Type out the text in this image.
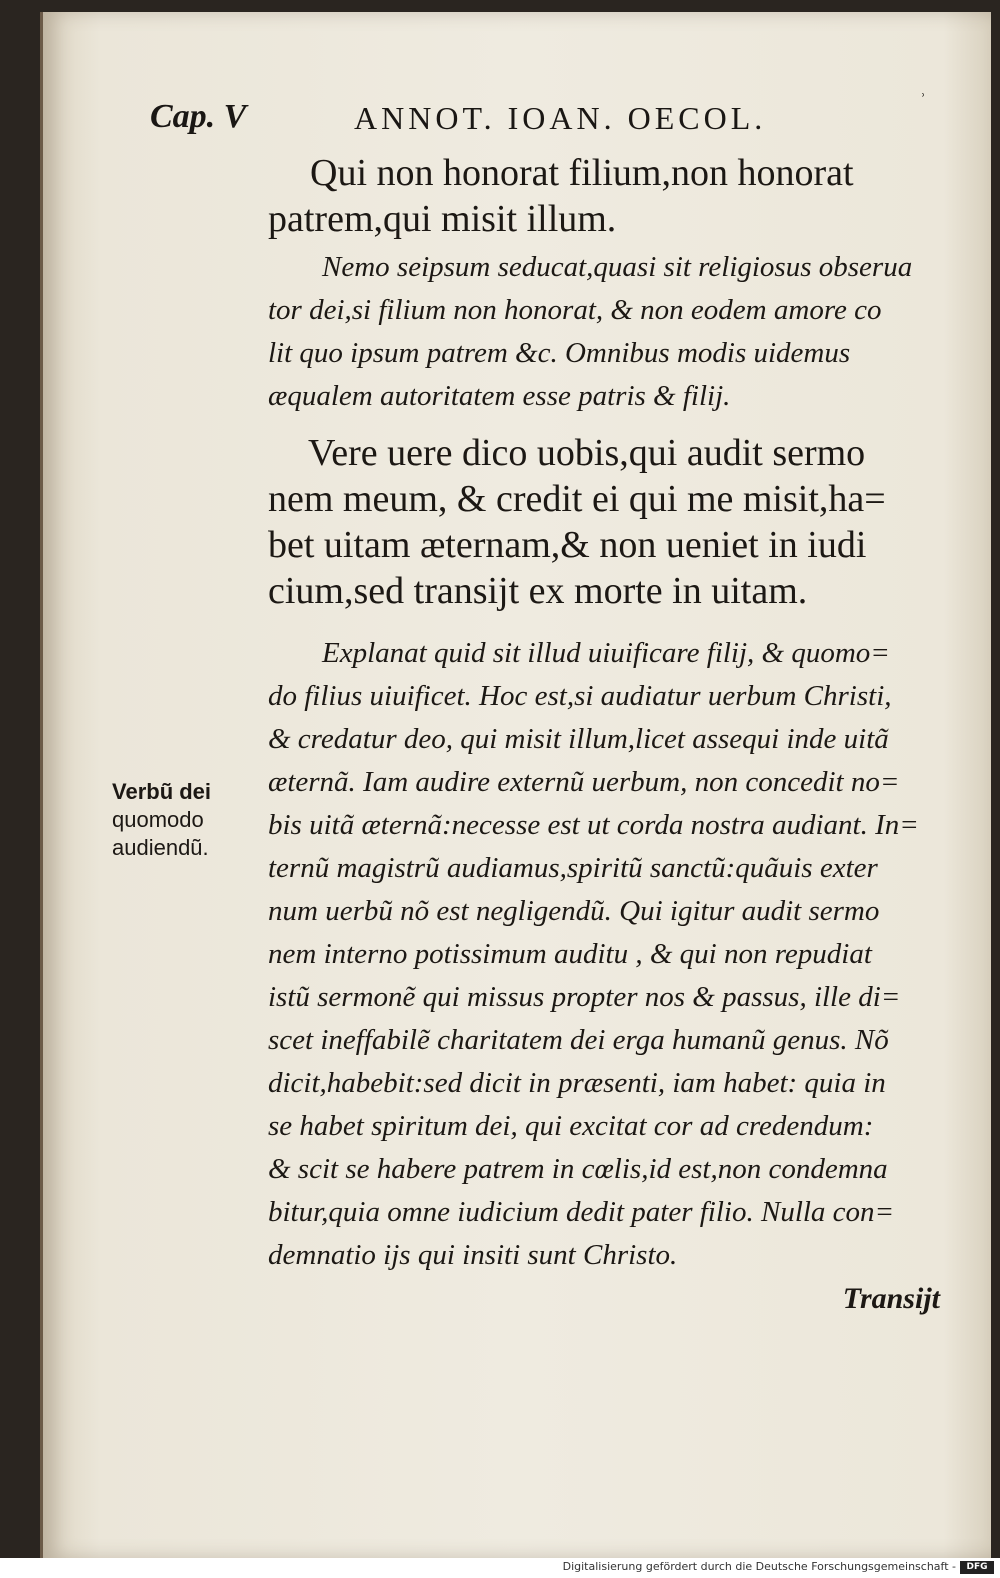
Cap. V	ANNOT. IOAN. OECOL.	ʾ
Qui non honorat filium,non honorat
patrem,qui misit illum.
Nemo seipsum seducat,quasi sit religiosus obserua
tor dei,si filium non honorat, & non eodem amore co
lit quo ipsum patrem &c. Omnibus modis uidemus
æqualem autoritatem esse patris & filij.
Vere uere dico uobis,qui audit sermo
nem meum, & credit ei qui me misit,ha=
bet uitam æternam,& non ueniet in iudi
cium,sed transijt ex morte in uitam.
Explanat quid sit illud uiuificare filij, & quomo=
do filius uiuificet. Hoc est,si audiatur uerbum Christi,
& credatur deo, qui misit illum,licet assequi inde uitã
æternã. Iam audire externũ uerbum, non concedit no=
bis uitã æternã:necesse est ut corda nostra audiant. In=
ternũ magistrũ audiamus,spiritũ sanctũ:quãuis exter
num uerbũ nõ est negligendũ. Qui igitur audit sermo
nem interno potissimum auditu , & qui non repudiat
istũ sermonẽ qui missus propter nos & passus, ille di=
scet ineffabilẽ charitatem dei erga humanũ genus. Nõ
dicit,habebit:sed dicit in præsenti, iam habet: quia in
se habet spiritum dei, qui excitat cor ad credendum:
& scit se habere patrem in cœlis,id est,non condemna
bitur,quia omne iudicium dedit pater filio. Nulla con=
demnatio ijs qui insiti sunt Christo.
Verbũ dei
quomodo
audiendũ.
Transijt
Digitalisierung gefördert durch die Deutsche Forschungsgemeinschaft -	DFG
